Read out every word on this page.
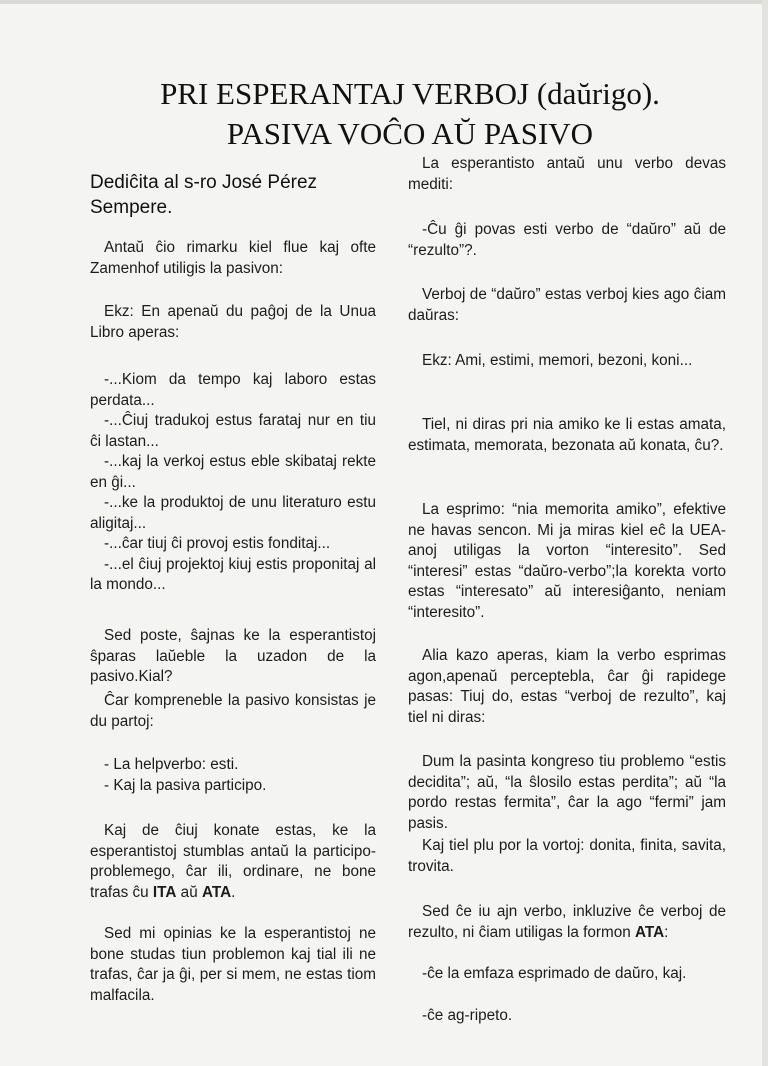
PRI ESPERANTAJ VERBOJ (daŭrigo).
PASIVA VOĈO AŬ PASIVO
Dediĉita al s-ro José Pérez Sempere.

Antaŭ ĉio rimarku kiel flue kaj ofte Zamenhof utiligis la pasivon:

Ekz: En apenaŭ du paĝoj de la Unua Libro aperas:

-...Kiom da tempo kaj laboro estas perdata...

-...Ĉiuj tradukoj estus farataj nur en tiu ĉi lastan...

-...kaj la verkoj estus eble skibataj rekte en ĝi...

-...ke la produktoj de unu literaturo estu aligitaj...

-...ĉar tiuj ĉi provoj estis fonditaj...

-...el ĉiuj projektoj kiuj estis proponitaj al la mondo...

Sed poste, ŝajnas ke la esperantistoj ŝparas laŭeble la uzadon de la pasivo.Kial?

Ĉar kompreneble la pasivo konsistas je du partoj:

- La helpverbo: esti.

- Kaj la pasiva participo.

Kaj de ĉiuj konate estas, ke la esperantistoj stumblas antaŭ la participo-problemego, ĉar ili, ordinare, ne bone trafas ĉu ITA aŭ ATA.

Sed mi opinias ke la esperantistoj ne bone studas tiun problemon kaj tial ili ne trafas, ĉar ja ĝi, per si mem, ne estas tiom malfacila.

La esperantisto antaŭ unu verbo devas mediti:

-Ĉu ĝi povas esti verbo de “daŭro” aŭ de “rezulto”?.

Verboj de “daŭro” estas verboj kies ago ĉiam daŭras:

Ekz: Ami, estimi, memori, bezoni, koni...

Tiel, ni diras pri nia amiko ke li estas amata, estimata, memorata, bezonata aŭ konata, ĉu?.

La esprimo: “nia memorita amiko”, efektive ne havas sencon. Mi ja miras kiel eĉ la UEA-anoj utiligas la vorton “interesito”. Sed “interesi” estas “daŭro-verbo”;la korekta vorto estas “interesato” aŭ interesiĝanto, neniam “interesito”.

Alia kazo aperas, kiam la verbo esprimas agon,apenaŭ perceptebla, ĉar ĝi rapidege pasas: Tiuj do, estas “verboj de rezulto”, kaj tiel ni diras:

Dum la pasinta kongreso tiu problemo “estis decidita”; aŭ, “la ŝlosilo estas perdita”; aŭ “la pordo restas fermita”, ĉar la ago “fermi” jam pasis.

Kaj tiel plu por la vortoj: donita, finita, savita, trovita.

Sed ĉe iu ajn verbo, inkluzive ĉe verboj de rezulto, ni ĉiam utiligas la formon ATA:

-ĉe la emfaza esprimado de daŭro, kaj.

-ĉe ag-ripeto.
